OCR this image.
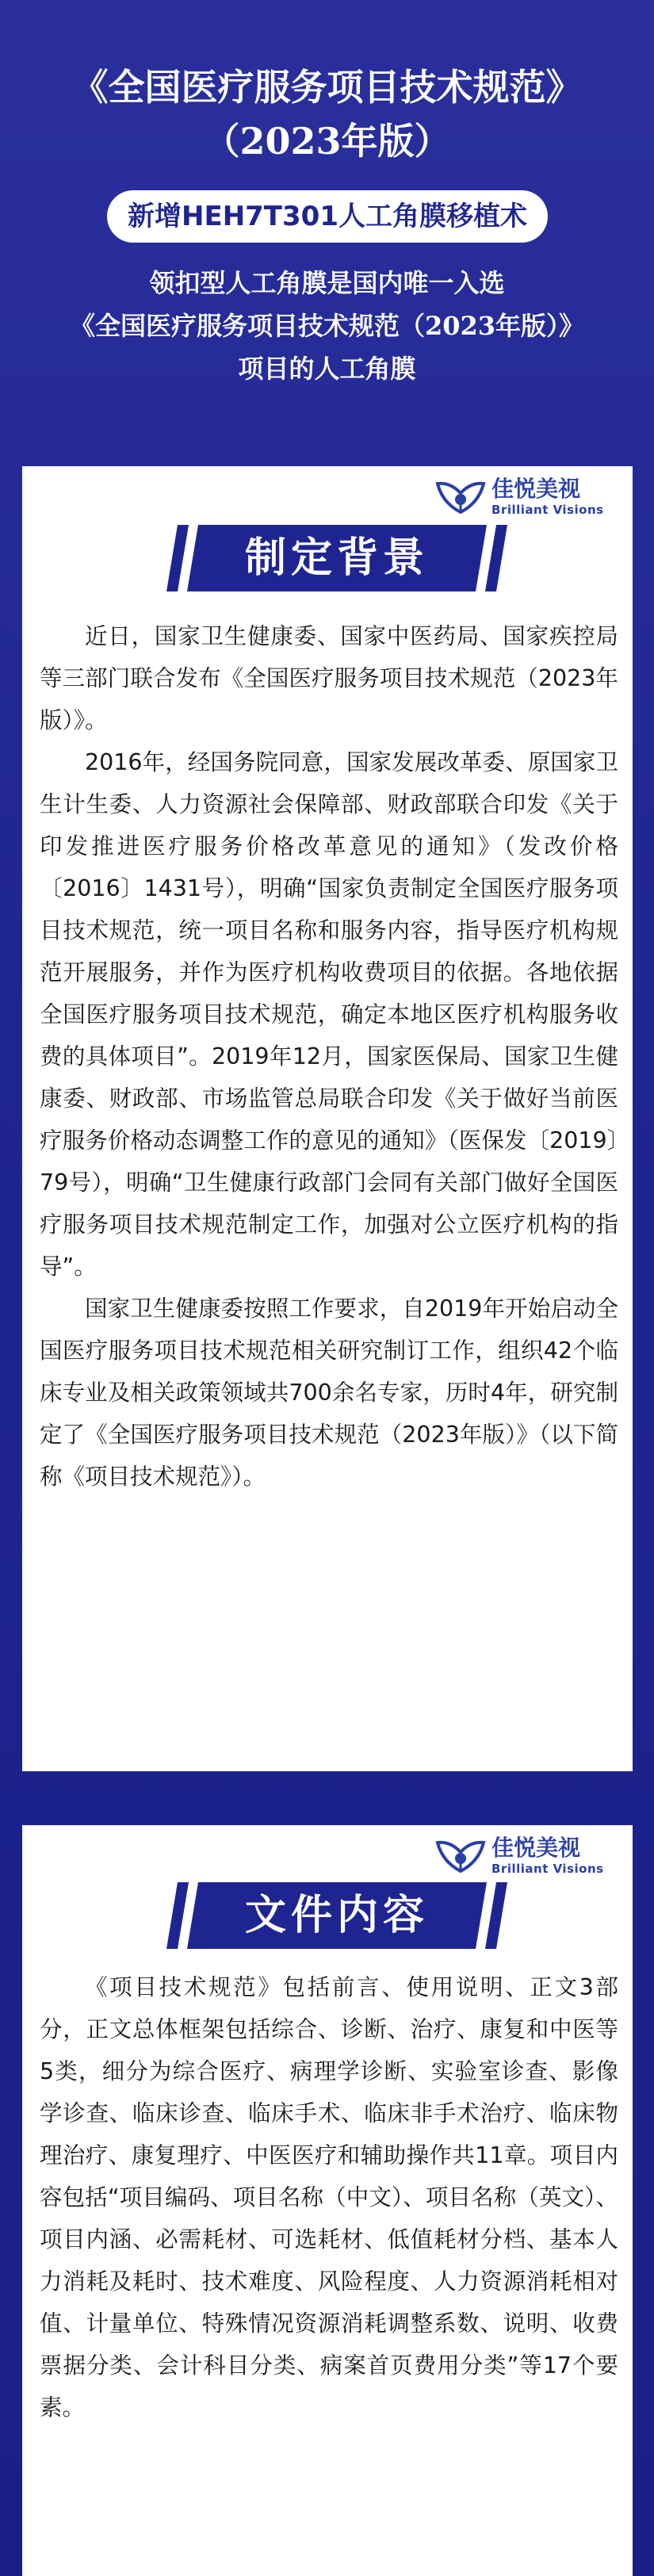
《全国医疗服务项目技术规范》
（2023年版）
新增HEH7T301人工角膜移植术
领扣型人工角膜是国内唯一入选
《全国医疗服务项目技术规范（2023年版）》
项目的人工角膜
佳悦美视
Brilliant Visions
制定背景

近日，国家卫生健康委、国家中医药局、国家疾控局等三部门联合发布《全国医疗服务项目技术规范（2023年版）》。

2016年，经国务院同意，国家发展改革委、原国家卫生计生委、人力资源社会保障部、财政部联合印发《关于印发推进医疗服务价格改革意见的通知》（发改价格〔2016〕1431号），明确“国家负责制定全国医疗服务项目技术规范，统一项目名称和服务内容，指导医疗机构规范开展服务，并作为医疗机构收费项目的依据。各地依据全国医疗服务项目技术规范，确定本地区医疗机构服务收费的具体项目”。2019年12月，国家医保局、国家卫生健康委、财政部、市场监管总局联合印发《关于做好当前医疗服务价格动态调整工作的意见的通知》（医保发〔2019〕79号），明确“卫生健康行政部门会同有关部门做好全国医疗服务项目技术规范制定工作，加强对公立医疗机构的指导”。

国家卫生健康委按照工作要求，自2019年开始启动全国医疗服务项目技术规范相关研究制订工作，组织42个临床专业及相关政策领域共700余名专家，历时4年，研究制定了《全国医疗服务项目技术规范（2023年版）》（以下简称《项目技术规范》）。

佳悦美视
Brilliant Visions
文件内容

《项目技术规范》包括前言、使用说明、正文3部分，正文总体框架包括综合、诊断、治疗、康复和中医等5类，细分为综合医疗、病理学诊断、实验室诊查、影像学诊查、临床诊查、临床手术、临床非手术治疗、临床物理治疗、康复理疗、中医医疗和辅助操作共11章。项目内容包括“项目编码、项目名称（中文）、项目名称（英文）、项目内涵、必需耗材、可选耗材、低值耗材分档、基本人力消耗及耗时、技术难度、风险程度、人力资源消耗相对值、计量单位、特殊情况资源消耗调整系数、说明、收费票据分类、会计科目分类、病案首页费用分类”等17个要素。
